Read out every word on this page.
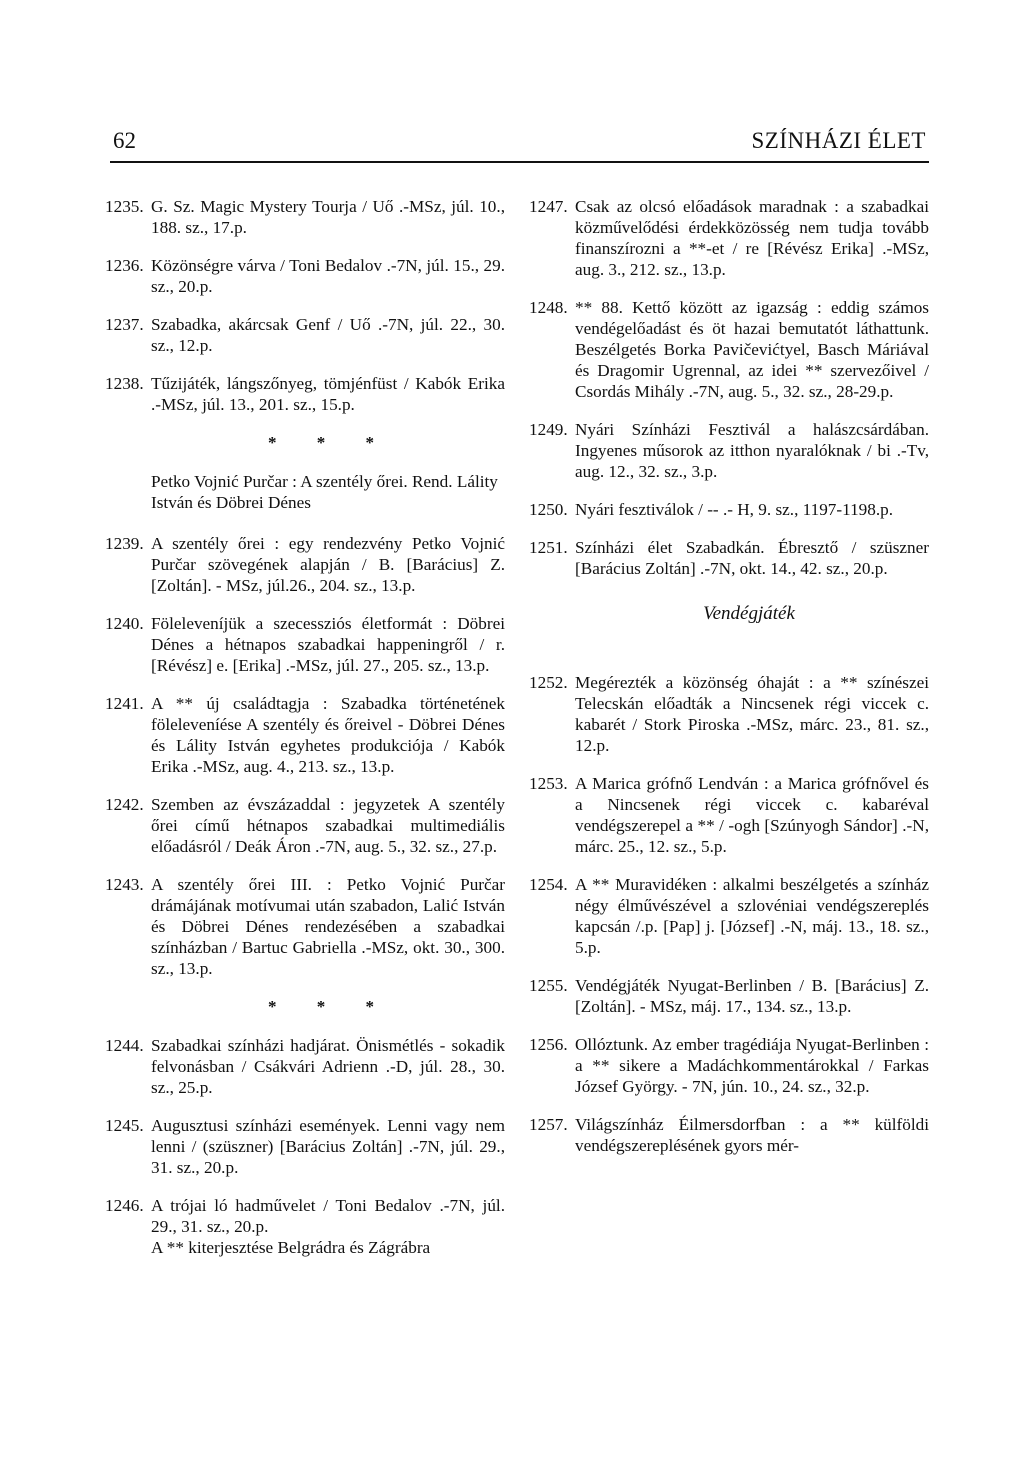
62	SZÍNHÁZI ÉLET
1235. G. Sz. Magic Mystery Tourja / Uő .-MSz, júl. 10., 188. sz., 17.p.
1236. Közönségre várva / Toni Bedalov .-7N, júl. 15., 29. sz., 20.p.
1237. Szabadka, akárcsak Genf / Uő .-7N, júl. 22., 30. sz., 12.p.
1238. Tűzijáték, lángszőnyeg, tömjénfüst / Kabók Erika .-MSz, júl. 13., 201. sz., 15.p.
* * *
Petko Vojnić Purčar : A szentély őrei. Rend. Lálity István és Döbrei Dénes
1239. A szentély őrei : egy rendezvény Petko Vojnić Purčar szövegének alapján / B. [Barácius] Z. [Zoltán]. - MSz, júl.26., 204. sz., 13.p.
1240. Föleleveníjük a szecessziós életformát : Döbrei Dénes a hétnapos szabadkai happeningről / r. [Révész] e. [Erika] .-MSz, júl. 27., 205. sz., 13.p.
1241. A ** új családtagja : Szabadka történetének föleleveníése A szentély és őreivel - Döbrei Dénes és Lálity István egyhetes produkciója / Kabók Erika .-MSz, aug. 4., 213. sz., 13.p.
1242. Szemben az évszázaddal : jegyzetek A szentély őrei című hétnapos szabadkai multimediális előadásról / Deák Áron .-7N, aug. 5., 32. sz., 27.p.
1243. A szentély őrei III. : Petko Vojnić Purčar drámájának motívumai után szabadon, Lalić István és Döbrei Dénes rendezésében a szabadkai színházban / Bartuc Gabriella .-MSz, okt. 30., 300. sz., 13.p.
* * *
1244. Szabadkai színházi hadjárat. Önismétlés - sokadik felvonásban / Csákvári Adrienn .-D, júl. 28., 30. sz., 25.p.
1245. Augusztusi színházi események. Lenni vagy nem lenni / (szüszner) [Barácius Zoltán] .-7N, júl. 29., 31. sz., 20.p.
1246. A trójai ló hadművelet / Toni Bedalov .-7N, júl. 29., 31. sz., 20.p.
A ** kiterjesztése Belgrádra és Zágrábra
1247. Csak az olcsó előadások maradnak : a szabadkai közművelődési érdekközösség nem tudja tovább finanszírozni a **-et / re [Révész Erika] .-MSz, aug. 3., 212. sz., 13.p.
1248. ** 88. Kettő között az igazság : eddig számos vendégelőadást és öt hazai bemutatót láthattunk. Beszélgetés Borka Pavičevićtyel, Basch Máriával és Dragomir Ugrennal, az idei ** szervezőivel / Csordás Mihály .-7N, aug. 5., 32. sz., 28-29.p.
1249. Nyári Színházi Fesztivál a halászcsárdában. Ingyenes műsorok az itthon nyaralóknak / bi .-Tv, aug. 12., 32. sz., 3.p.
1250. Nyári fesztiválok / -- .- H, 9. sz., 1197-1198.p.
1251. Színházi élet Szabadkán. Ébresztő / szüszner [Barácius Zoltán] .-7N, okt. 14., 42. sz., 20.p.
Vendégjáték
1252. Megérezték a közönség óhaját : a ** színészei Telecskán előadták a Nincsenek régi viccek c. kabarét / Stork Piroska .-MSz, márc. 23., 81. sz., 12.p.
1253. A Marica grófnő Lendván : a Marica grófnővel és a Nincsenek régi viccek c. kabaréval vendégszerepel a ** / -ogh [Szúnyogh Sándor] .-N, márc. 25., 12. sz., 5.p.
1254. A ** Muravidéken : alkalmi beszélgetés a színház négy élművészével a szlovéniai vendégszereplés kapcsán /.p. [Pap] j. [József] .-N, máj. 13., 18. sz., 5.p.
1255. Vendégjáték Nyugat-Berlinben / B. [Barácius] Z. [Zoltán]. - MSz, máj. 17., 134. sz., 13.p.
1256. Ollóztunk. Az ember tragédiája Nyugat-Berlinben : a ** sikere a Madáchkommentárokkal / Farkas József György. - 7N, jún. 10., 24. sz., 32.p.
1257. Világszínház Éilmersdorfban : a ** külföldi vendégszereplésének gyors mér-
